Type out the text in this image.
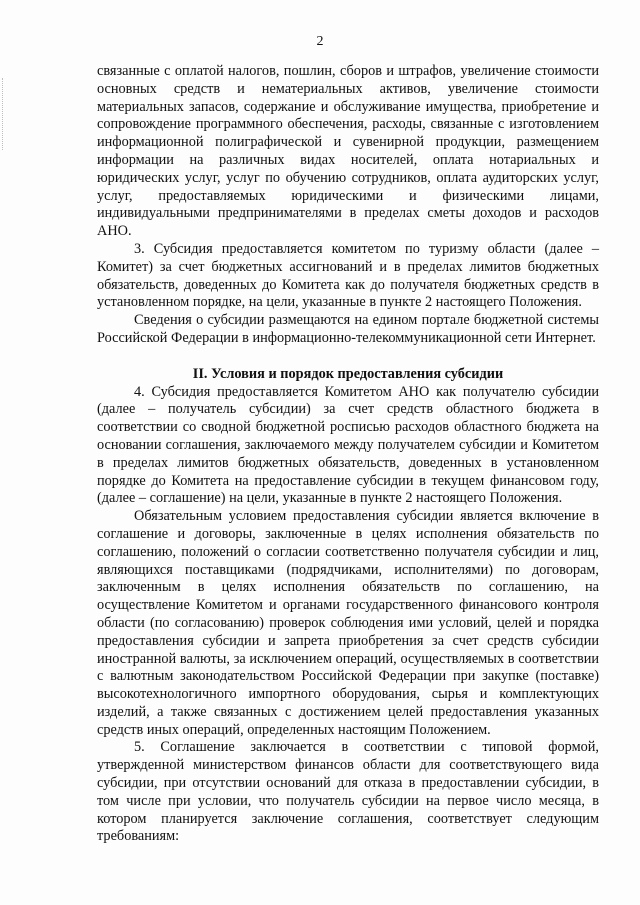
2

связанные с оплатой налогов, пошлин, сборов и штрафов, увеличение стоимости основных средств и нематериальных активов, увеличение стоимости материальных запасов, содержание и обслуживание имущества, приобретение и сопровождение программного обеспечения, расходы, связанные с изготовлением информационной полиграфической и сувенирной продукции, размещением информации на различных видах носителей, оплата нотариальных и юридических услуг, услуг по обучению сотрудников, оплата аудиторских услуг, услуг, предоставляемых юридическими и физическими лицами, индивидуальными предпринимателями в пределах сметы доходов и расходов АНО.

3. Субсидия предоставляется комитетом по туризму области (далее – Комитет) за счет бюджетных ассигнований и в пределах лимитов бюджетных обязательств, доведенных до Комитета как до получателя бюджетных средств в установленном порядке, на цели, указанные в пункте 2 настоящего Положения.

Сведения о субсидии размещаются на едином портале бюджетной системы Российской Федерации в информационно-телекоммуникационной сети Интернет.

II. Условия и порядок предоставления субсидии

4. Субсидия предоставляется Комитетом АНО как получателю субсидии (далее – получатель субсидии) за счет средств областного бюджета в соответствии со сводной бюджетной росписью расходов областного бюджета на основании соглашения, заключаемого между получателем субсидии и Комитетом в пределах лимитов бюджетных обязательств, доведенных в установленном порядке до Комитета на предоставление субсидии в текущем финансовом году, (далее – соглашение) на цели, указанные в пункте 2 настоящего Положения.

Обязательным условием предоставления субсидии является включение в соглашение и договоры, заключенные в целях исполнения обязательств по соглашению, положений о согласии соответственно получателя субсидии и лиц, являющихся поставщиками (подрядчиками, исполнителями) по договорам, заключенным в целях исполнения обязательств по соглашению, на осуществление Комитетом и органами государственного финансового контроля области (по согласованию) проверок соблюдения ими условий, целей и порядка предоставления субсидии и запрета приобретения за счет средств субсидии иностранной валюты, за исключением операций, осуществляемых в соответствии с валютным законодательством Российской Федерации при закупке (поставке) высокотехнологичного импортного оборудования, сырья и комплектующих изделий, а также связанных с достижением целей предоставления указанных средств иных операций, определенных настоящим Положением.

5. Соглашение заключается в соответствии с типовой формой, утвержденной министерством финансов области для соответствующего вида субсидии, при отсутствии оснований для отказа в предоставлении субсидии, в том числе при условии, что получатель субсидии на первое число месяца, в котором планируется заключение соглашения, соответствует следующим требованиям:
